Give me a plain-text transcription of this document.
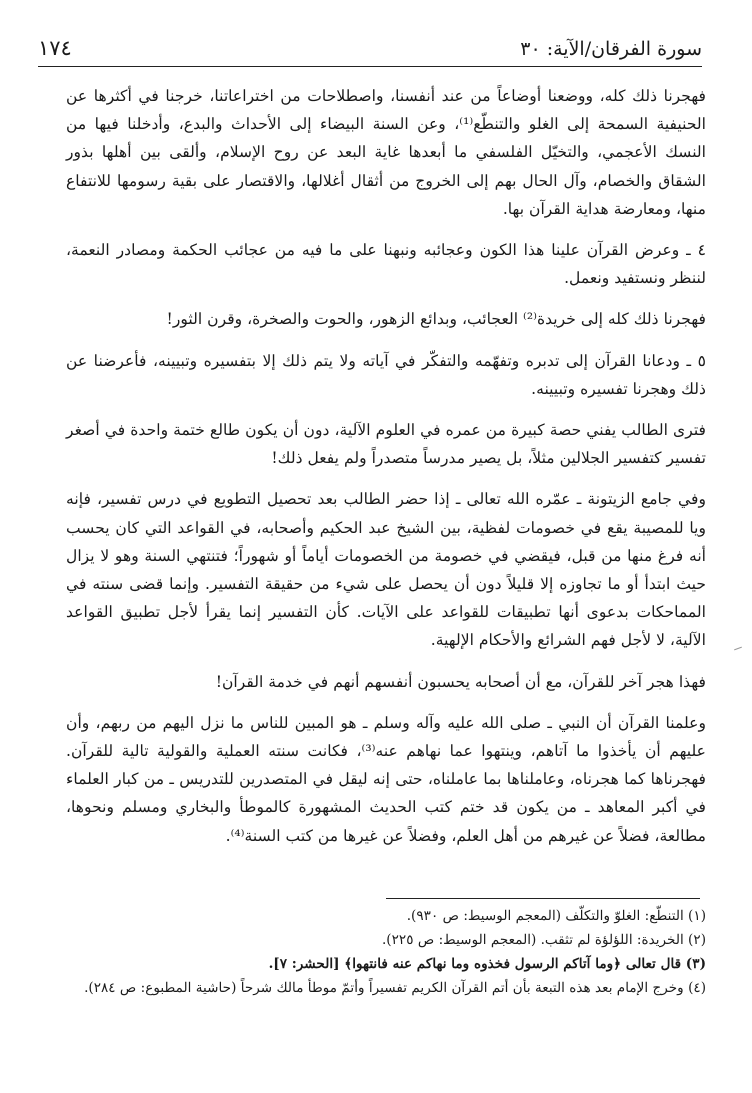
١٧٤	سورة الفرقان/الآية: ٣٠

فهجرنا ذلك كله، ووضعنا أوضاعاً من عند أنفسنا، واصطلاحات من اختراعاتنا، خرجنا في أكثرها عن الحنيفية السمحة إلى الغلو والتنطّع⁽¹⁾، وعن السنة البيضاء إلى الأحداث والبدع، وأدخلنا فيها من النسك الأعجمي، والتخيّل الفلسفي ما أبعدها غاية البعد عن روح الإسلام، وألقى بين أهلها بذور الشقاق والخصام، وآل الحال بهم إلى الخروج من أثقال أغلالها، والاقتصار على بقية رسومها للانتفاع منها، ومعارضة هداية القرآن بها.

٤ ـ وعرض القرآن علينا هذا الكون وعجائبه ونبهنا على ما فيه من عجائب الحكمة ومصادر النعمة، لننظر ونستفيد ونعمل.

فهجرنا ذلك كله إلى خريدة⁽²⁾ العجائب، وبدائع الزهور، والحوت والصخرة، وقرن الثور!

٥ ـ ودعانا القرآن إلى تدبره وتفهّمه والتفكّر في آياته ولا يتم ذلك إلا بتفسيره وتبيينه، فأعرضنا عن ذلك وهجرنا تفسيره وتبيينه.

فترى الطالب يفني حصة كبيرة من عمره في العلوم الآلية، دون أن يكون طالع ختمة واحدة في أصغر تفسير كتفسير الجلالين مثلاً، بل يصير مدرساً متصدراً ولم يفعل ذلك!

وفي جامع الزيتونة ـ عمّره الله تعالى ـ إذا حضر الطالب بعد تحصيل التطويع في درس تفسير، فإنه ويا للمصيبة يقع في خصومات لفظية، بين الشيخ عبد الحكيم وأصحابه، في القواعد التي كان يحسب أنه فرغ منها من قبل، فيقضي في خصومة من الخصومات أياماً أو شهوراً؛ فتنتهي السنة وهو لا يزال حيث ابتدأ أو ما تجاوزه إلا قليلاً دون أن يحصل على شيء من حقيقة التفسير. وإنما قضى سنته في المماحكات بدعوى أنها تطبيقات للقواعد على الآيات. كأن التفسير إنما يقرأ لأجل تطبيق القواعد الآلية، لا لأجل فهم الشرائع والأحكام الإلهية.

فهذا هجر آخر للقرآن، مع أن أصحابه يحسبون أنفسهم أنهم في خدمة القرآن!

وعلمنا القرآن أن النبي ـ صلى الله عليه وآله وسلم ـ هو المبين للناس ما نزل اليهم من ربهم، وأن عليهم أن يأخذوا ما آتاهم، وينتهوا عما نهاهم عنه⁽³⁾، فكانت سنته العملية والقولية تالية للقرآن. فهجرناها كما هجرناه، وعاملناها بما عاملناه، حتى إنه ليقل في المتصدرين للتدريس ـ من كبار العلماء في أكبر المعاهد ـ من يكون قد ختم كتب الحديث المشهورة كالموطأ والبخاري ومسلم ونحوها، مطالعة، فضلاً عن غيرهم من أهل العلم، وفضلاً عن غيرها من كتب السنة⁽⁴⁾.

(١) التنطّع: الغلوّ والتكلّف (المعجم الوسيط: ص ٩٣٠).

(٢) الخريدة: اللؤلؤة لم تثقب. (المعجم الوسيط: ص ٢٢٥).

(٣) قال تعالى ﴿وما آتاكم الرسول فخذوه وما نهاكم عنه فانتهوا﴾ [الحشر: ٧].

(٤) وخرج الإمام بعد هذه التبعة بأن أتم القرآن الكريم تفسيراً وأتمّ موطأ مالك شرحاً (حاشية المطبوع: ص ٢٨٤).
